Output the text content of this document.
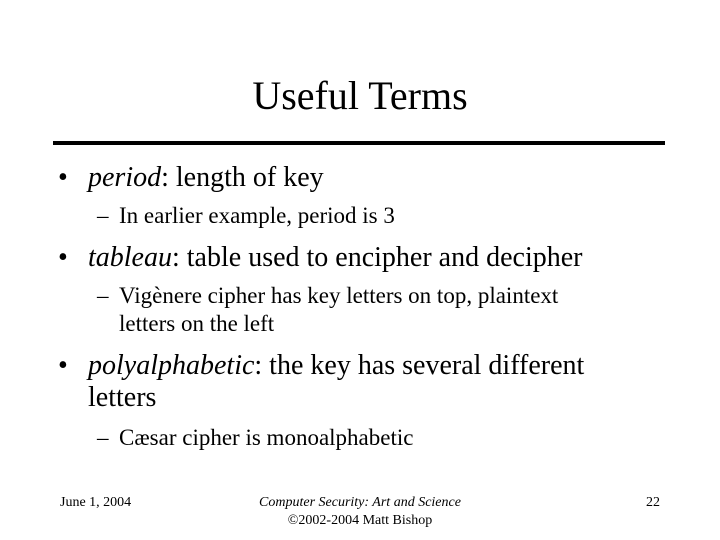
Useful Terms
• period: length of key
– In earlier example, period is 3
• tableau: table used to encipher and decipher
– Vigènere cipher has key letters on top, plaintext
letters on the left
• polyalphabetic: the key has several different
letters
– Cæsar cipher is monoalphabetic
June 1, 2004	Computer Security: Art and Science
©2002-2004 Matt Bishop
22
